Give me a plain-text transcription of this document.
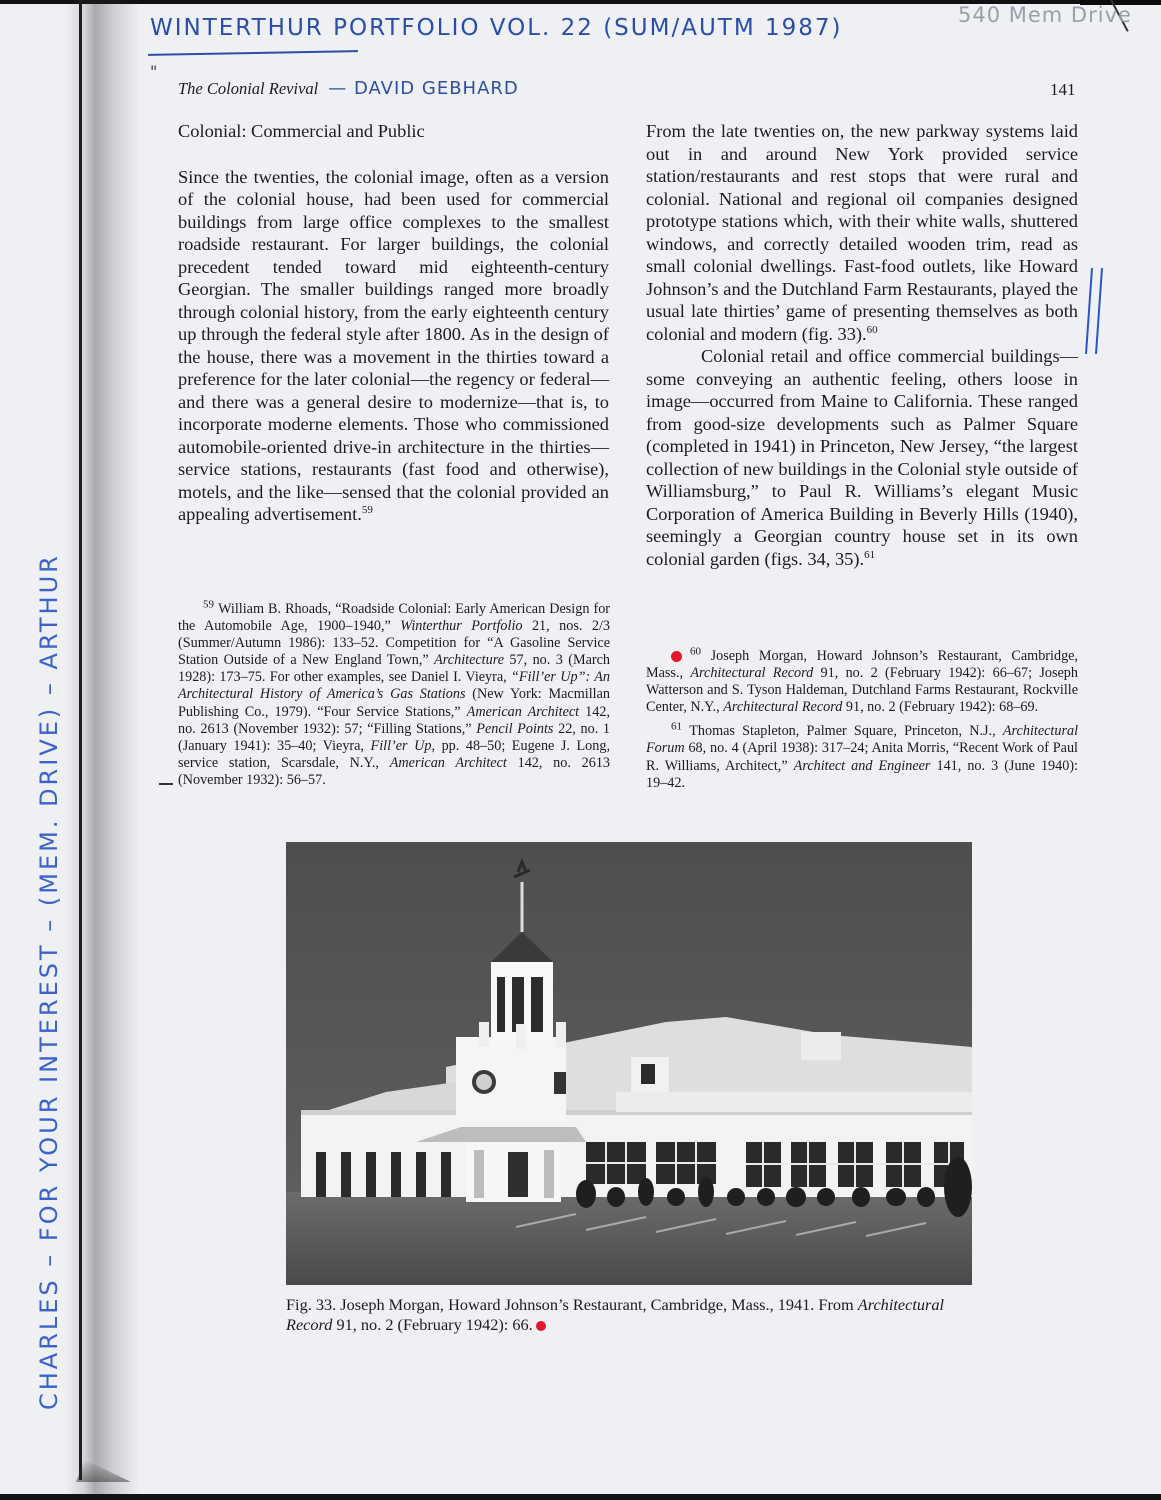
WINTERTHUR PORTFOLIO VOL. 22 (SUM/AUTM 1987)
"
540 Mem Drive
CHARLES – FOR YOUR INTEREST – (MEM. DRIVE) – ARTHUR
The Colonial Revival — DAVID GEBHARD	141
Colonial: Commercial and Public

Since the twenties, the colonial image, often as a version of the colonial house, had been used for commercial buildings from large office complexes to the smallest roadside restaurant. For larger buildings, the colonial precedent tended toward mid eighteenth-century Georgian. The smaller buildings ranged more broadly through colonial history, from the early eighteenth century up through the federal style after 1800. As in the design of the house, there was a movement in the thirties toward a preference for the later colonial—the regency or federal—and there was a general desire to modernize—that is, to incorporate moderne elements. Those who commissioned automobile-oriented drive-in architecture in the thirties—service stations, restaurants (fast food and otherwise), motels, and the like—sensed that the colonial provided an appealing advertisement.$^{59}$

From the late twenties on, the new parkway systems laid out in and around New York provided service station/restaurants and rest stops that were rural and colonial. National and regional oil companies designed prototype stations which, with their white walls, shuttered windows, and correctly detailed wooden trim, read as small colonial dwellings. Fast-food outlets, like Howard Johnson’s and the Dutchland Farm Restaurants, played the usual late thirties’ game of presenting themselves as both colonial and modern (fig. 33).$^{60}$

Colonial retail and office commercial buildings—some conveying an authentic feeling, others loose in image—occurred from Maine to California. These ranged from good-size developments such as Palmer Square (completed in 1941) in Princeton, New Jersey, “the largest collection of new buildings in the Colonial style outside of Williamsburg,” to Paul R. Williams’s elegant Music Corporation of America Building in Beverly Hills (1940), seemingly a Georgian country house set in its own colonial garden (figs. 34, 35).$^{61}$

$^{59}$ William B. Rhoads, “Roadside Colonial: Early American Design for the Automobile Age, 1900–1940,” Winterthur Portfolio 21, nos. 2/3 (Summer/Autumn 1986): 133–52. Competition for “A Gasoline Service Station Outside of a New England Town,” Architecture 57, no. 3 (March 1928): 173–75. For other examples, see Daniel I. Vieyra, “Fill’er Up”: An Architectural History of America’s Gas Stations (New York: Macmillan Publishing Co., 1979). “Four Service Stations,” American Architect 142, no. 2613 (November 1932): 57; “Filling Stations,” Pencil Points 22, no. 1 (January 1941): 35–40; Vieyra, Fill’er Up, pp. 48–50; Eugene J. Long, service station, Scarsdale, N.Y., American Architect 142, no. 2613 (November 1932): 56–57.

$^{60}$ Joseph Morgan, Howard Johnson’s Restaurant, Cambridge, Mass., Architectural Record 91, no. 2 (February 1942): 66–67; Joseph Watterson and S. Tyson Haldeman, Dutchland Farms Restaurant, Rockville Center, N.Y., Architectural Record 91, no. 2 (February 1942): 68–69.

$^{61}$ Thomas Stapleton, Palmer Square, Princeton, N.J., Architectural Forum 68, no. 4 (April 1938): 317–24; Anita Morris, “Recent Work of Paul R. Williams, Architect,” Architect and Engineer 141, no. 3 (June 1940): 19–42.

Fig. 33. Joseph Morgan, Howard Johnson’s Restaurant, Cambridge, Mass., 1941. From Architectural Record 91, no. 2 (February 1942): 66.
